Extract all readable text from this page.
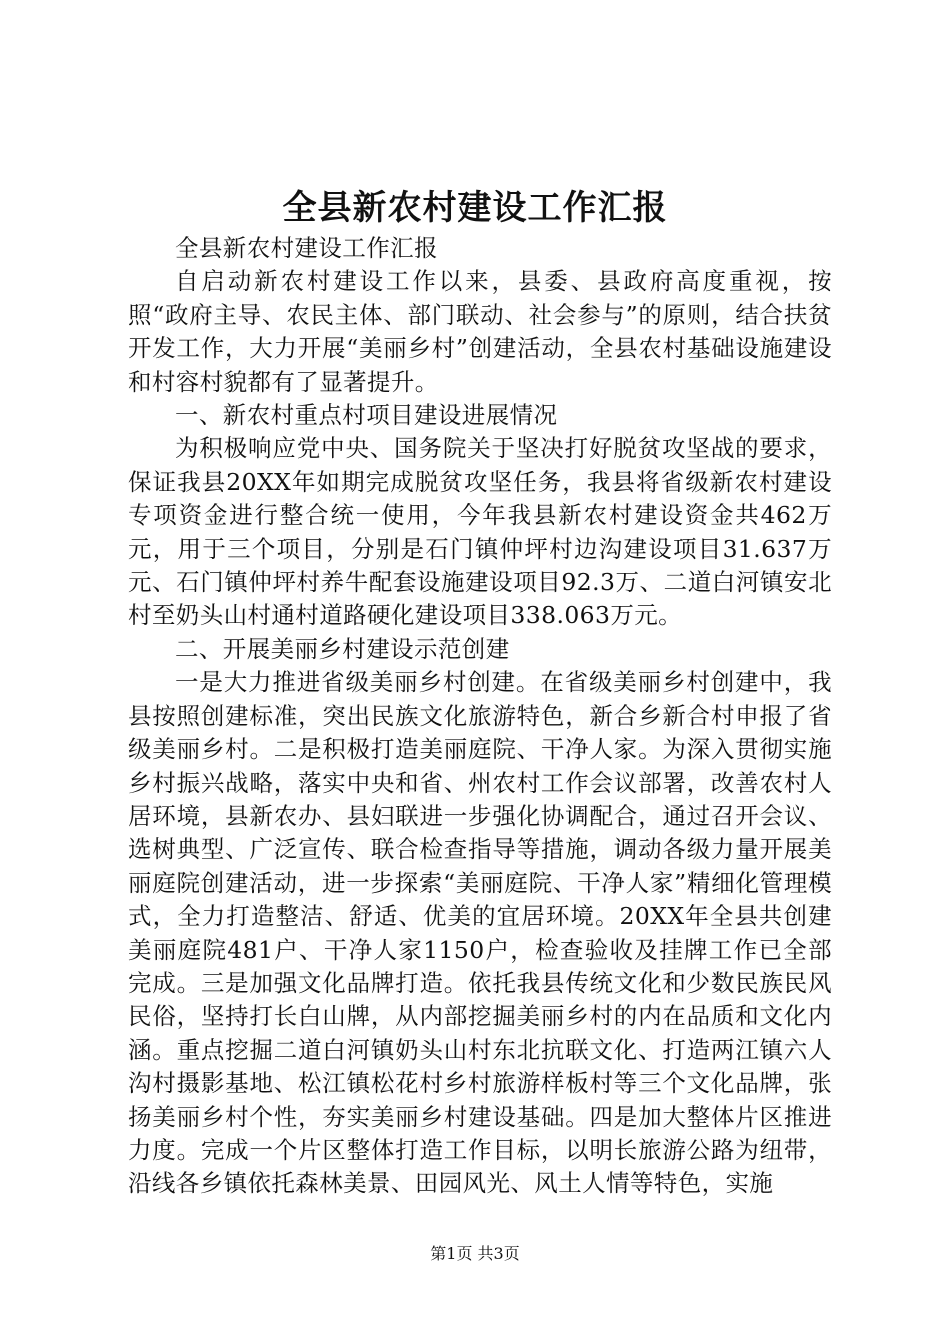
全县新农村建设工作汇报

全县新农村建设工作汇报

自启动新农村建设工作以来，县委、县政府高度重视，按照“政府主导、农民主体、部门联动、社会参与”的原则，结合扶贫开发工作，大力开展“美丽乡村”创建活动，全县农村基础设施建设和村容村貌都有了显著提升。

一、新农村重点村项目建设进展情况

为积极响应党中央、国务院关于坚决打好脱贫攻坚战的要求，保证我县20XX年如期完成脱贫攻坚任务，我县将省级新农村建设专项资金进行整合统一使用，今年我县新农村建设资金共462万元，用于三个项目，分别是石门镇仲坪村边沟建设项目31.637万元、石门镇仲坪村养牛配套设施建设项目92.3万、二道白河镇安北村至奶头山村通村道路硬化建设项目338.063万元。

二、开展美丽乡村建设示范创建

一是大力推进省级美丽乡村创建。在省级美丽乡村创建中，我县按照创建标准，突出民族文化旅游特色，新合乡新合村申报了省级美丽乡村。二是积极打造美丽庭院、干净人家。为深入贯彻实施乡村振兴战略，落实中央和省、州农村工作会议部署，改善农村人居环境，县新农办、县妇联进一步强化协调配合，通过召开会议、选树典型、广泛宣传、联合检查指导等措施，调动各级力量开展美丽庭院创建活动，进一步探索“美丽庭院、干净人家”精细化管理模式，全力打造整洁、舒适、优美的宜居环境。20XX年全县共创建美丽庭院481户、干净人家1150户，检查验收及挂牌工作已全部完成。三是加强文化品牌打造。依托我县传统文化和少数民族民风民俗，坚持打长白山牌，从内部挖掘美丽乡村的内在品质和文化内涵。重点挖掘二道白河镇奶头山村东北抗联文化、打造两江镇六人沟村摄影基地、松江镇松花村乡村旅游样板村等三个文化品牌，张扬美丽乡村个性，夯实美丽乡村建设基础。四是加大整体片区推进力度。完成一个片区整体打造工作目标，以明长旅游公路为纽带，沿线各乡镇依托森林美景、田园风光、风土人情等特色，实施

第1页 共3页
